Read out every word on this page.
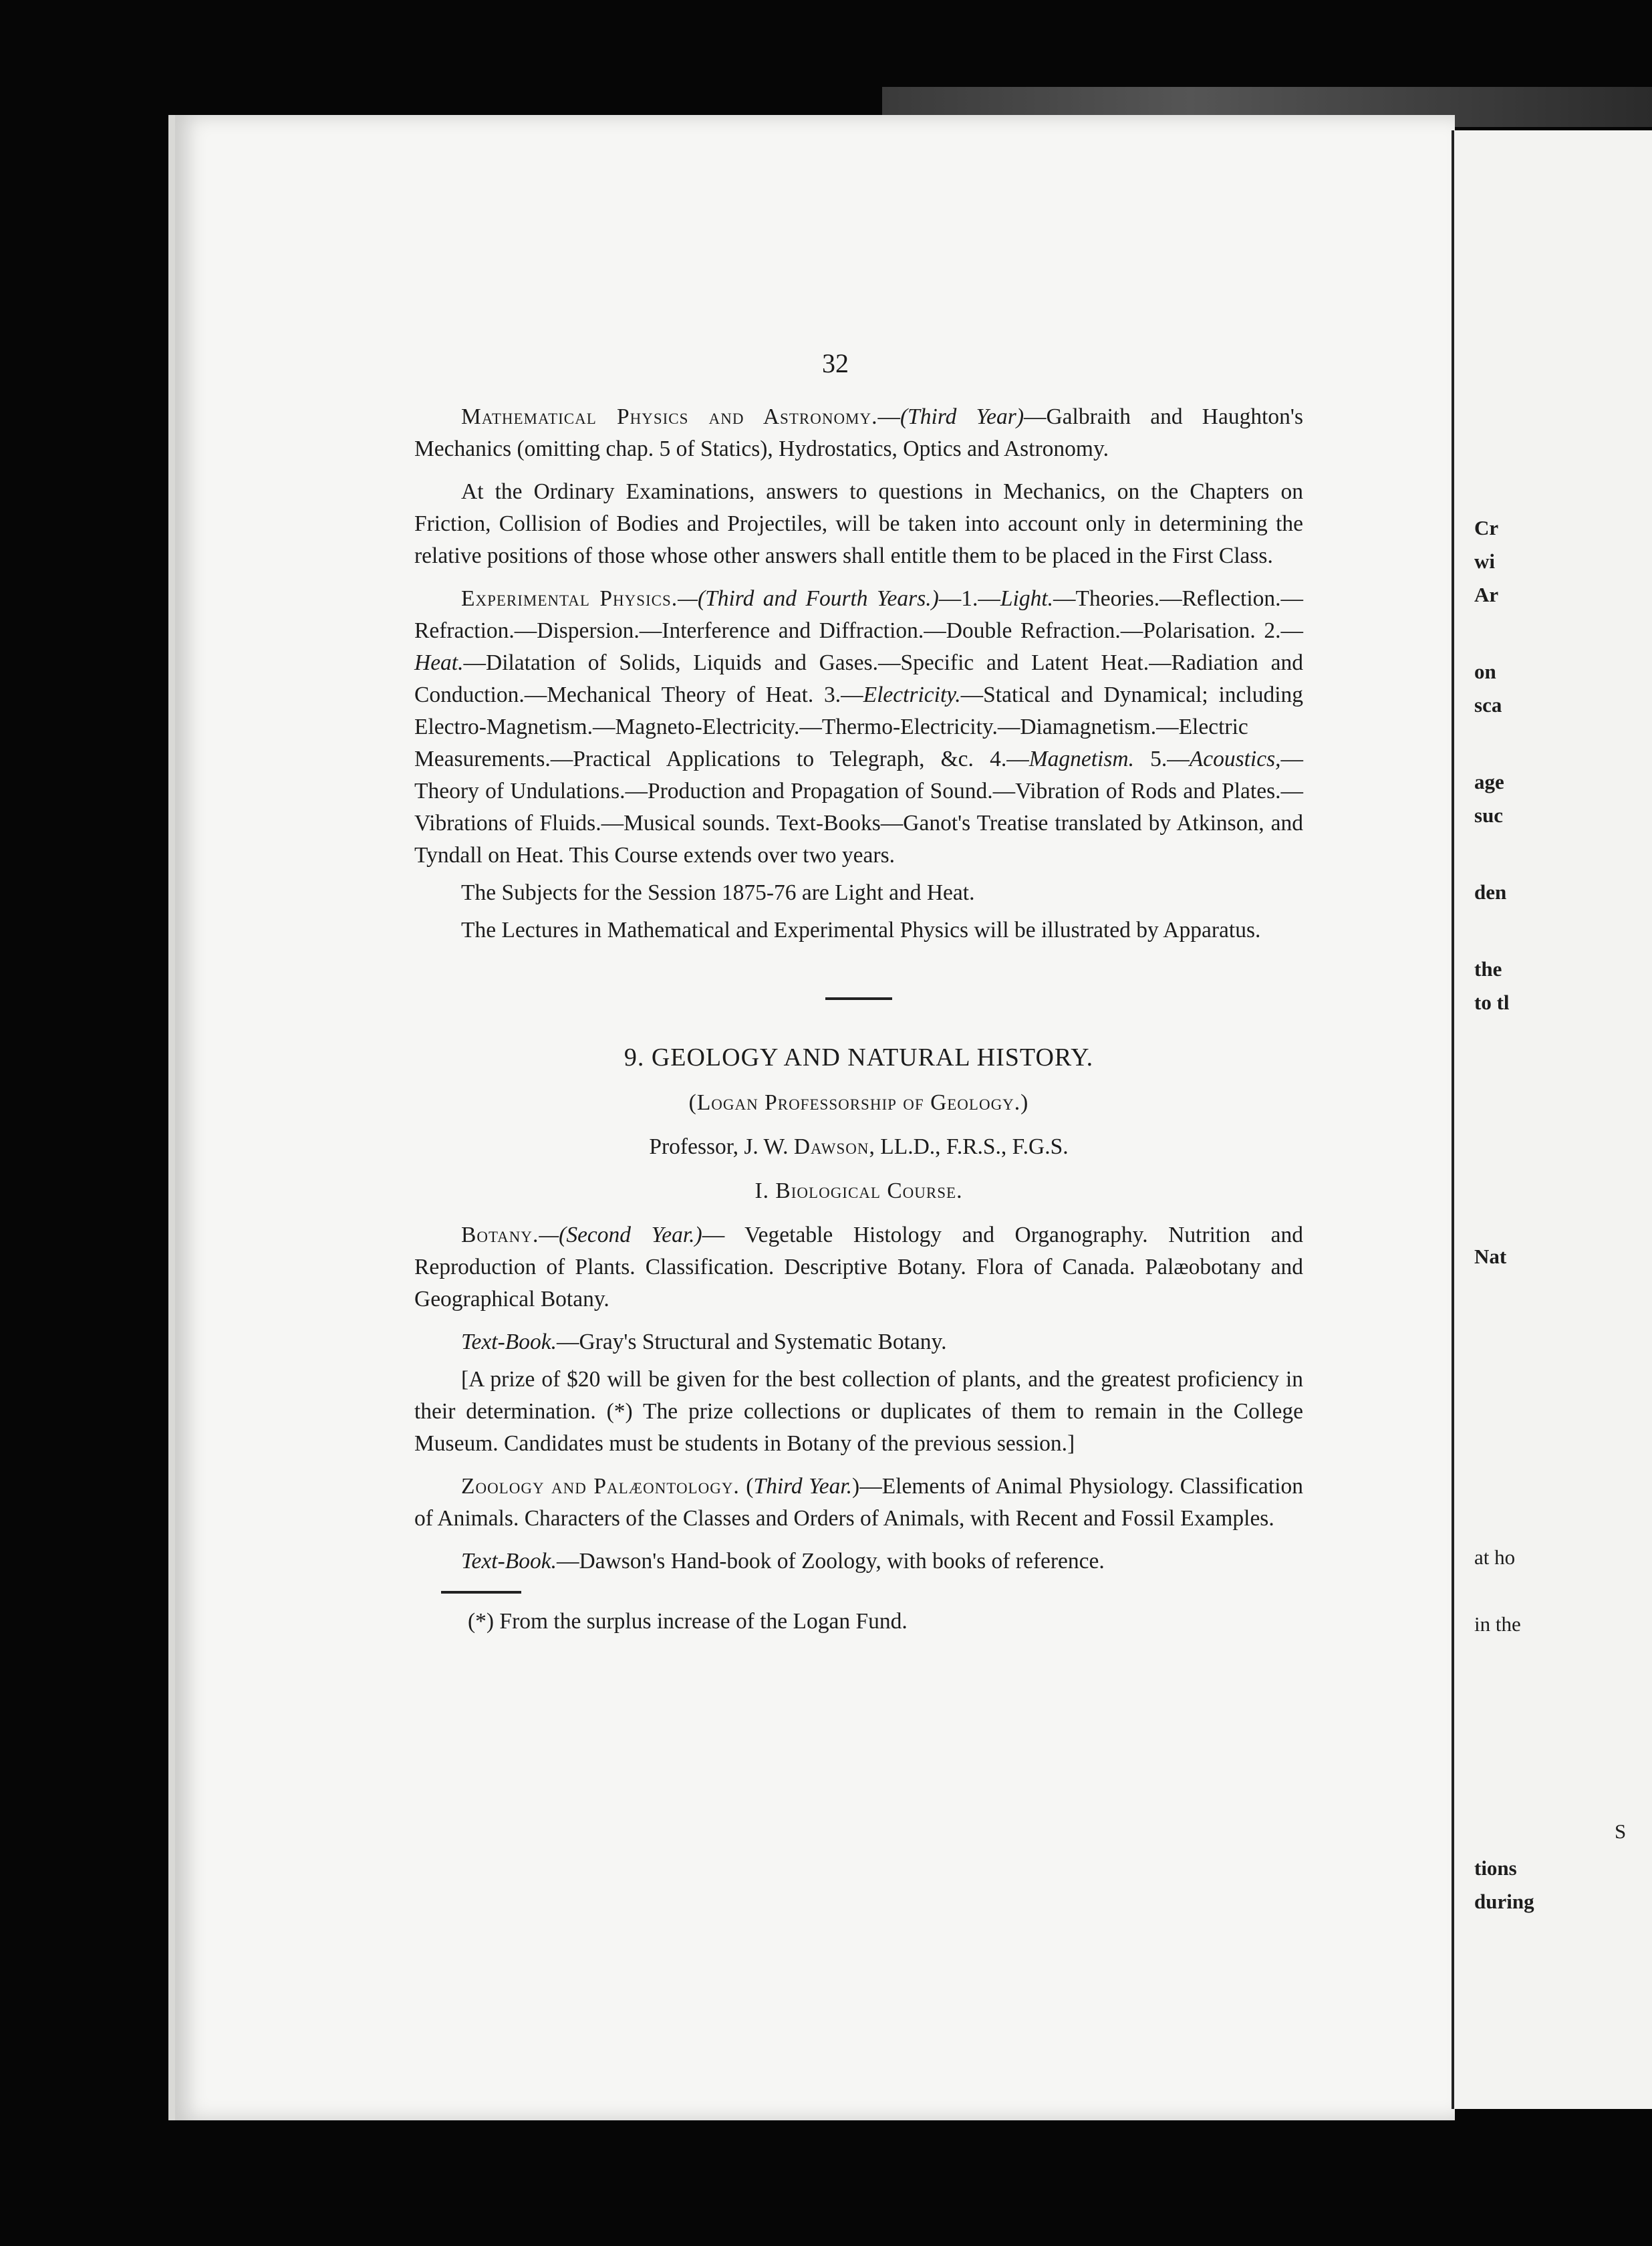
32

Mathematical Physics and Astronomy.—(Third Year)—Galbraith and Haughton's Mechanics (omitting chap. 5 of Statics), Hydrostatics, Optics and Astronomy.

At the Ordinary Examinations, answers to questions in Mechanics, on the Chapters on Friction, Collision of Bodies and Projectiles, will be taken into account only in determining the relative positions of those whose other answers shall entitle them to be placed in the First Class.

Experimental Physics.—(Third and Fourth Years.)—1.—Light.—Theories.—Reflection.—Refraction.—Dispersion.—Interference and Diffraction.—Double Refraction.—Polarisation. 2.—Heat.—Dilatation of Solids, Liquids and Gases.—Specific and Latent Heat.—Radiation and Conduction.—Mechanical Theory of Heat. 3.—Electricity.—Statical and Dynamical; including Electro-Magnetism.—Magneto-Electricity.—Thermo-Electricity.—Diamagnetism.—Electric Measurements.—Practical Applications to Telegraph, &c. 4.—Magnetism. 5.—Acoustics,—Theory of Undulations.—Production and Propagation of Sound.—Vibration of Rods and Plates.—Vibrations of Fluids.—Musical sounds. Text-Books—Ganot's Treatise translated by Atkinson, and Tyndall on Heat. This Course extends over two years.

The Subjects for the Session 1875-76 are Light and Heat.

The Lectures in Mathematical and Experimental Physics will be illustrated by Apparatus.

9. GEOLOGY AND NATURAL HISTORY.

(Logan Professorship of Geology.)

Professor, J. W. Dawson, LL.D., F.R.S., F.G.S.

I. Biological Course.

Botany.—(Second Year.)— Vegetable Histology and Organography. Nutrition and Reproduction of Plants. Classification. Descriptive Botany. Flora of Canada. Palæobotany and Geographical Botany.

Text-Book.—Gray's Structural and Systematic Botany.

[A prize of $20 will be given for the best collection of plants, and the greatest proficiency in their determination. (*) The prize collections or duplicates of them to remain in the College Museum. Candidates must be students in Botany of the previous session.]

Zoology and Palæontology. (Third Year.)—Elements of Animal Physiology. Classification of Animals. Characters of the Classes and Orders of Animals, with Recent and Fossil Examples.

Text-Book.—Dawson's Hand-book of Zoology, with books of reference.

(*) From the surplus increase of the Logan Fund.

Cr
wi
Ar
on
sca
age
suc
den
the
to tl
Nat
at ho
in the
S
tions
during
